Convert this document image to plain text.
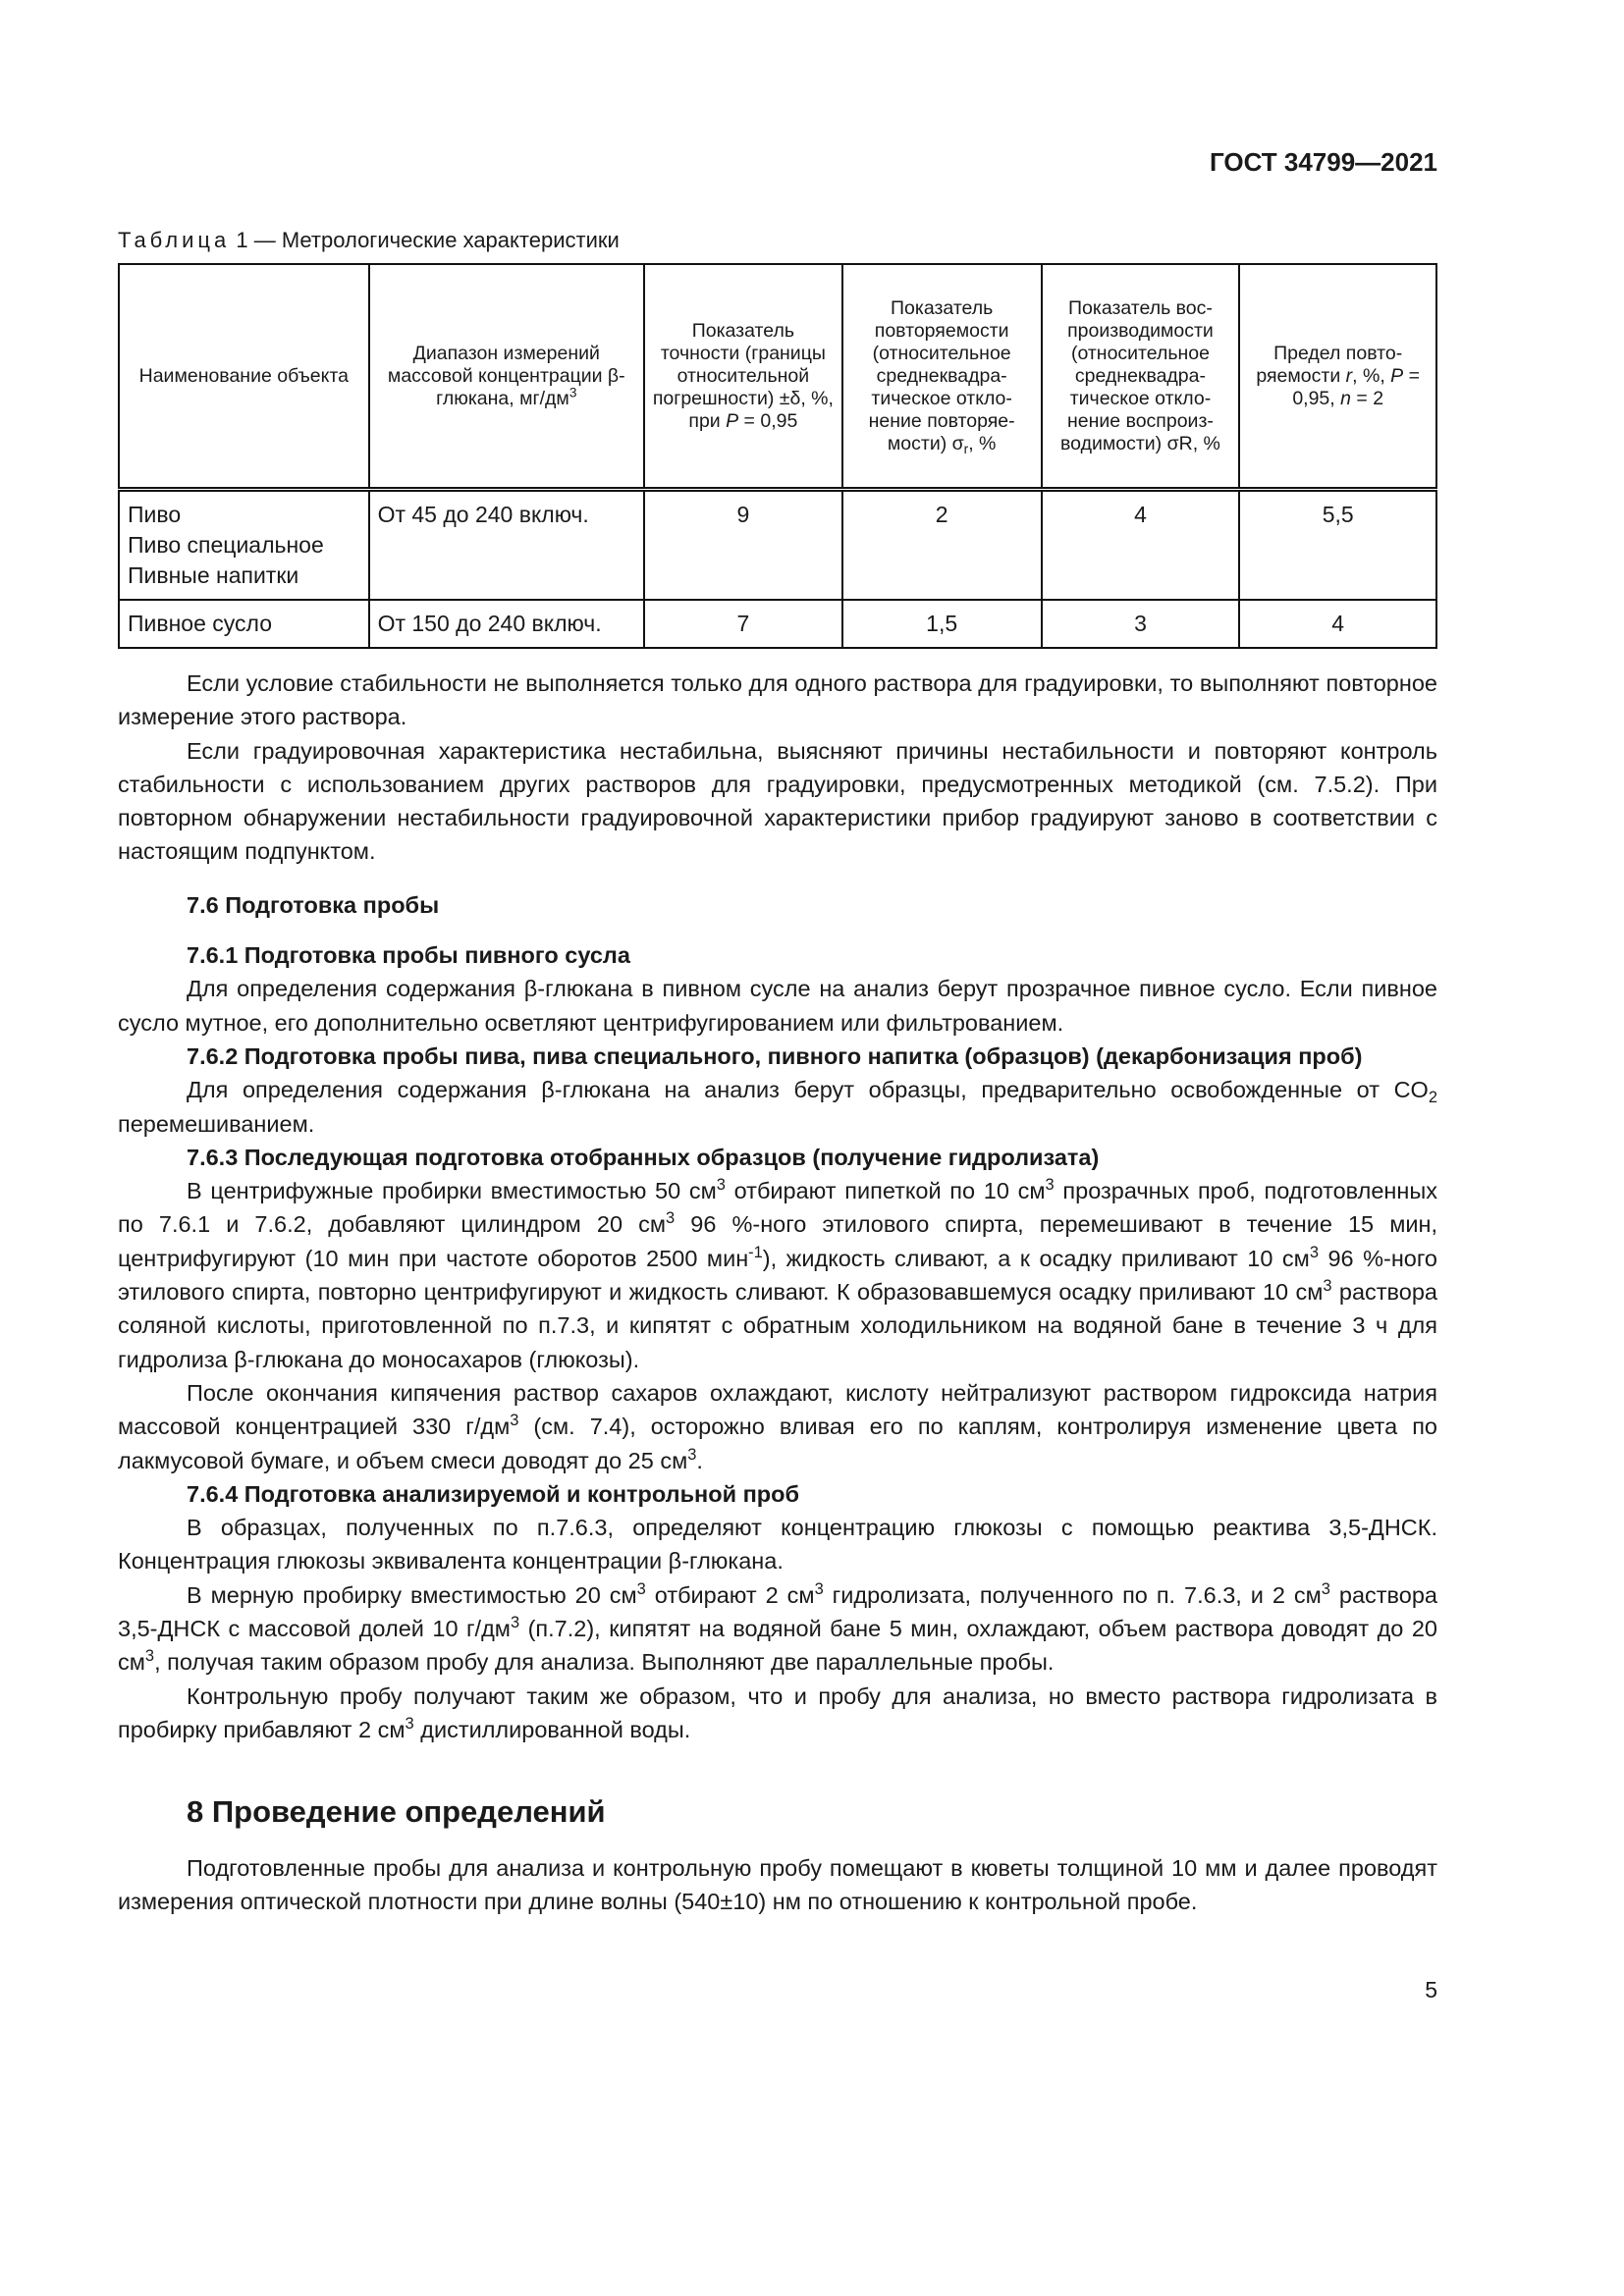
ГОСТ 34799—2021
Таблица 1 — Метрологические характеристики
Наименование объекта	Диапазон измерений массовой концентрации β-глюкана, $мг/дм^3$	Показатель точности (границы относительной погрешности) ±δ, %, при P = 0,95	Показатель повторяемости (относительное среднеквадра-тическое откло-нение повторяе-мости) $\sigma_r$, %	Показатель вос-производимости (относительное среднеквадра-тическое откло-нение воспроиз-водимости) σR, %	Предел повто-ряемости r, %, P = 0,95, n = 2

Пиво
Пиво специальное
Пивные напитки	От 45 до 240 включ.	9	2	4	5,5

Пивное сусло	От 150 до 240 включ.	7	1,5	3	4
Если условие стабильности не выполняется только для одного раствора для градуировки, то выполняют повторное измерение этого раствора.
Если градуировочная характеристика нестабильна, выясняют причины нестабильности и повторяют контроль стабильности с использованием других растворов для градуировки, предусмотренных методикой (см. 7.5.2). При повторном обнаружении нестабильности градуировочной характеристики прибор градуируют заново в соответствии с настоящим подпунктом.
7.6 Подготовка пробы
7.6.1 Подготовка пробы пивного сусла
Для определения содержания β-глюкана в пивном сусле на анализ берут прозрачное пивное сусло. Если пивное сусло мутное, его дополнительно осветляют центрифугированием или фильтрованием.
7.6.2 Подготовка пробы пива, пива специального, пивного напитка (образцов) (декарбонизация проб)
Для определения содержания β-глюкана на анализ берут образцы, предварительно освобожденные от $CO_2$ перемешиванием.
7.6.3 Последующая подготовка отобранных образцов (получение гидролизата)
В центрифужные пробирки вместимостью 50 $см^3$ отбирают пипеткой по 10 $см^3$ прозрачных проб, подготовленных по 7.6.1 и 7.6.2, добавляют цилиндром 20 $см^3$ 96 %-ного этилового спирта, перемешивают в течение 15 мин, центрифугируют (10 мин при частоте оборотов 2500 мин$^{-1}$), жидкость сливают, а к осадку приливают 10 $см^3$ 96 %-ного этилового спирта, повторно центрифугируют и жидкость сливают. К образовавшемуся осадку приливают 10 $см^3$ раствора соляной кислоты, приготовленной по п.7.3, и кипятят с обратным холодильником на водяной бане в течение 3 ч для гидролиза β-глюкана до моносахаров (глюкозы).
После окончания кипячения раствор сахаров охлаждают, кислоту нейтрализуют раствором гидроксида натрия массовой концентрацией 330 $г/дм^3$ (см. 7.4), осторожно вливая его по каплям, контролируя изменение цвета по лакмусовой бумаге, и объем смеси доводят до 25 $см^3$.
7.6.4 Подготовка анализируемой и контрольной проб
В образцах, полученных по п.7.6.3, определяют концентрацию глюкозы с помощью реактива 3,5-ДНСК. Концентрация глюкозы эквивалента концентрации β-глюкана.
В мерную пробирку вместимостью 20 $см^3$ отбирают 2 $см^3$ гидролизата, полученного по п. 7.6.3, и 2 $см^3$ раствора 3,5-ДНСК с массовой долей 10 $г/дм^3$ (п.7.2), кипятят на водяной бане 5 мин, охлаждают, объем раствора доводят до 20 $см^3$, получая таким образом пробу для анализа. Выполняют две параллельные пробы.
Контрольную пробу получают таким же образом, что и пробу для анализа, но вместо раствора гидролизата в пробирку прибавляют 2 $см^3$ дистиллированной воды.
8 Проведение определений
Подготовленные пробы для анализа и контрольную пробу помещают в кюветы толщиной 10 мм и далее проводят измерения оптической плотности при длине волны (540±10) нм по отношению к контрольной пробе.
5
